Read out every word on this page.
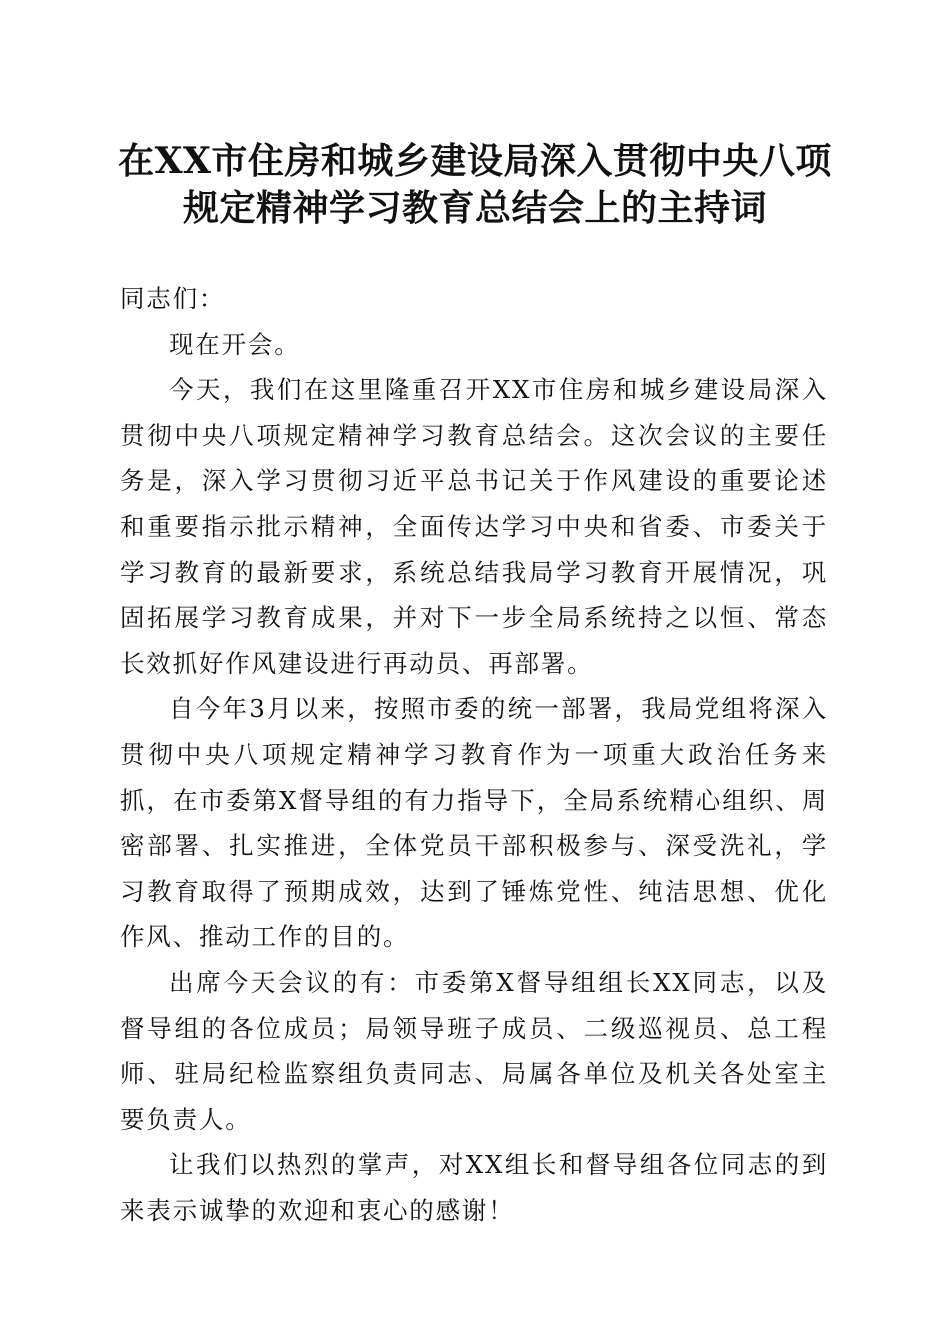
在XX市住房和城乡建设局深入贯彻中央八项
规定精神学习教育总结会上的主持词

同志们：

现在开会。

今天，我们在这里隆重召开XX市住房和城乡建设局深入贯彻中央八项规定精神学习教育总结会。这次会议的主要任务是，深入学习贯彻习近平总书记关于作风建设的重要论述和重要指示批示精神，全面传达学习中央和省委、市委关于学习教育的最新要求，系统总结我局学习教育开展情况，巩固拓展学习教育成果，并对下一步全局系统持之以恒、常态长效抓好作风建设进行再动员、再部署。

自今年3月以来，按照市委的统一部署，我局党组将深入贯彻中央八项规定精神学习教育作为一项重大政治任务来抓，在市委第X督导组的有力指导下，全局系统精心组织、周密部署、扎实推进，全体党员干部积极参与、深受洗礼，学习教育取得了预期成效，达到了锤炼党性、纯洁思想、优化作风、推动工作的目的。

出席今天会议的有：市委第X督导组组长XX同志，以及督导组的各位成员；局领导班子成员、二级巡视员、总工程师、驻局纪检监察组负责同志、局属各单位及机关各处室主要负责人。

让我们以热烈的掌声，对XX组长和督导组各位同志的到来表示诚挚的欢迎和衷心的感谢！
